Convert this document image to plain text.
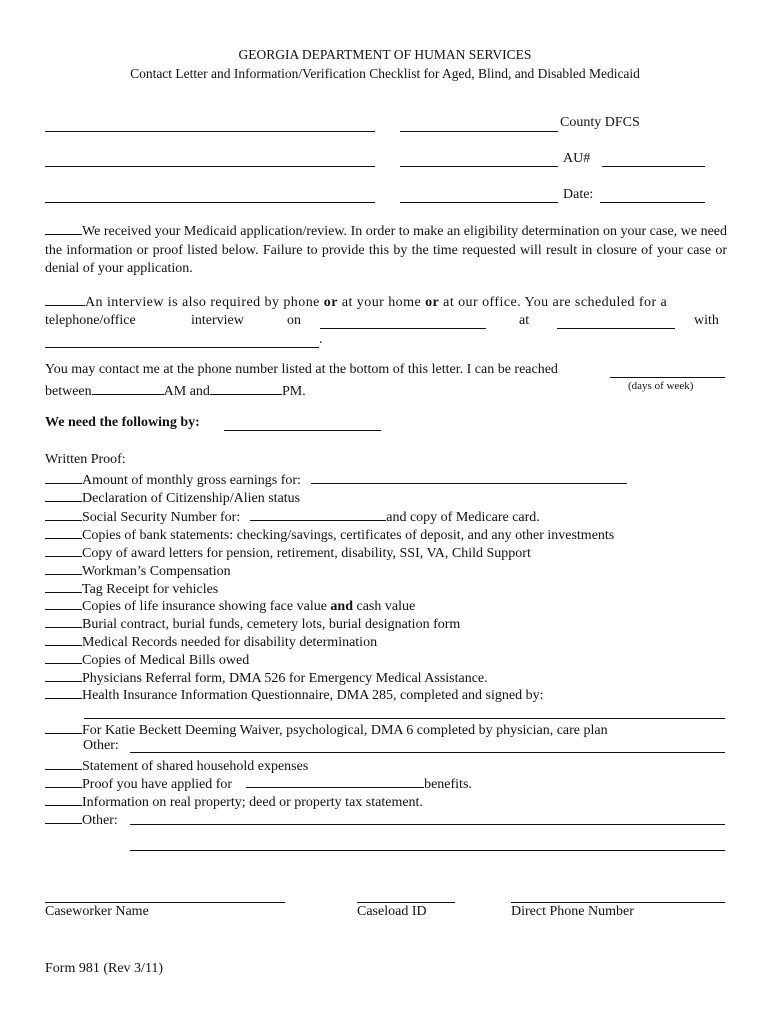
GEORGIA DEPARTMENT OF HUMAN SERVICES
Contact Letter and Information/Verification Checklist for Aged, Blind, and Disabled Medicaid
County DFCS
AU#
Date:
We received your Medicaid application/review. In order to make an eligibility determination on your case, we need the information or proof listed below. Failure to provide this by the time requested will result in closure of your case or denial of your application.
An interview is also required by phone or at your home or at our office. You are scheduled for a
telephone/office	interview	on	at	with
.
You may contact me at the phone number listed at the bottom of this letter. I can be reached
(days of week)
between	AM and	PM.
We need the following by:
Written Proof:
Amount of monthly gross earnings for:
Declaration of Citizenship/Alien status
Social Security Number for:	and copy of Medicare card.
Copies of bank statements: checking/savings, certificates of deposit, and any other investments
Copy of award letters for pension, retirement, disability, SSI, VA, Child Support
Workman’s Compensation
Tag Receipt for vehicles
Copies of life insurance showing face value and cash value
Burial contract, burial funds, cemetery lots, burial designation form
Medical Records needed for disability determination
Copies of Medical Bills owed
Physicians Referral form, DMA 526 for Emergency Medical Assistance.
Health Insurance Information Questionnaire, DMA 285, completed and signed by:
For Katie Beckett Deeming Waiver, psychological, DMA 6 completed by physician, care plan
Other:
Statement of shared household expenses
Proof you have applied for	benefits.
Information on real property; deed or property tax statement.
Other:
Caseworker Name	Caseload ID	Direct Phone Number
Form 981 (Rev 3/11)
